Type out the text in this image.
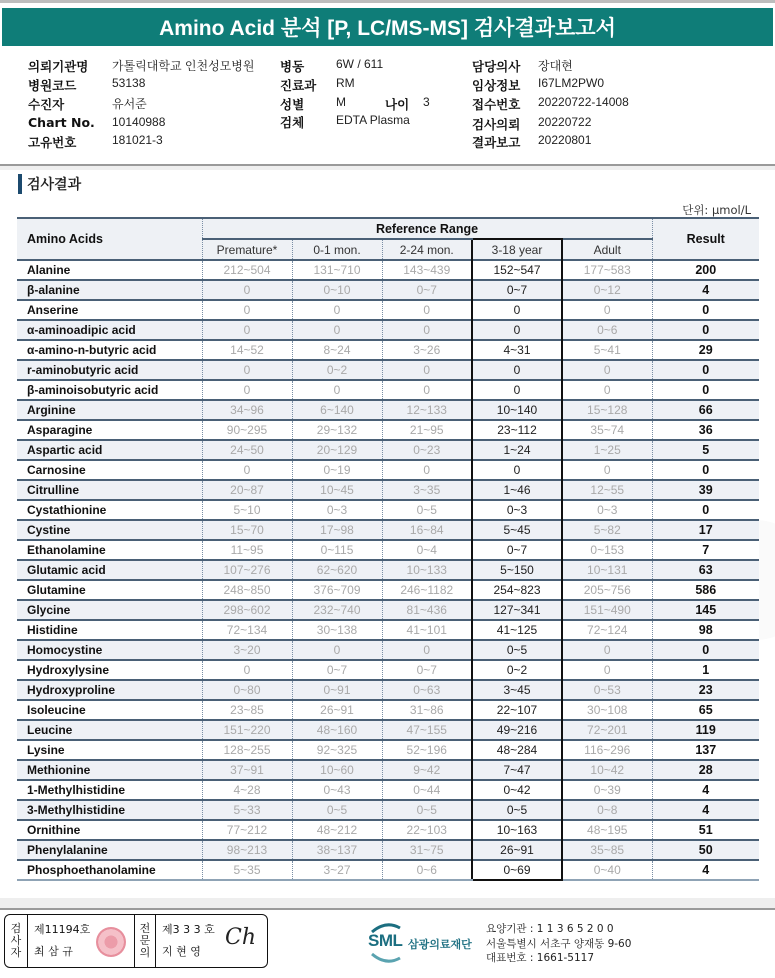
Amino Acid 분석 [P, LC/MS-MS] 검사결과보고서
의뢰기관명 가톨릭대학교 인천성모병원
병원코드	53138
수진자	유서준
Chart No. 10140988
고유번호	181021-3
병동	6W / 611
진료과 RM
성별	M	나이 3
검체	EDTA Plasma
담당의사 장대현
임상정보 I67LM2PW0
접수번호 20220722-14008
검사의뢰 20220722
결과보고 20220801
검사결과
단위: μmol/L
Amino Acids	Reference Range					Result
	Premature*	0-1 mon.	2-24 mon.	3-18 year	Adult	
Alanine	212~504	131~710	143~439	152~547	177~583	200
β-alanine	0	0~10	0~7	0~7	0~12	4
Anserine	0	0	0	0	0	0
α-aminoadipic acid	0	0	0	0	0~6	0
α-amino-n-butyric acid	14~52	8~24	3~26	4~31	5~41	29
r-aminobutyric acid	0	0~2	0	0	0	0
β-aminoisobutyric acid	0	0	0	0	0	0
Arginine	34~96	6~140	12~133	10~140	15~128	66
Asparagine	90~295	29~132	21~95	23~112	35~74	36
Aspartic acid	24~50	20~129	0~23	1~24	1~25	5
Carnosine	0	0~19	0	0	0	0
Citrulline	20~87	10~45	3~35	1~46	12~55	39
Cystathionine	5~10	0~3	0~5	0~3	0~3	0
Cystine	15~70	17~98	16~84	5~45	5~82	17
Ethanolamine	11~95	0~115	0~4	0~7	0~153	7
Glutamic acid	107~276	62~620	10~133	5~150	10~131	63
Glutamine	248~850	376~709	246~1182	254~823	205~756	586
Glycine	298~602	232~740	81~436	127~341	151~490	145
Histidine	72~134	30~138	41~101	41~125	72~124	98
Homocystine	3~20	0	0	0~5	0	0
Hydroxylysine	0	0~7	0~7	0~2	0	1
Hydroxyproline	0~80	0~91	0~63	3~45	0~53	23
Isoleucine	23~85	26~91	31~86	22~107	30~108	65
Leucine	151~220	48~160	47~155	49~216	72~201	119
Lysine	128~255	92~325	52~196	48~284	116~296	137
Methionine	37~91	10~60	9~42	7~47	10~42	28
1-Methylhistidine	4~28	0~43	0~44	0~42	0~39	4
3-Methylhistidine	5~33	0~5	0~5	0~5	0~8	4
Ornithine	77~212	48~212	22~103	10~163	48~195	51
Phenylalanine	98~213	38~137	31~75	26~91	35~85	50
Phosphoethanolamine	5~35	3~27	0~6	0~69	0~40	4
검
사
자
제11194호
최 삼 규
전
문
의
제3 3 3 호
지 현 영
Ch	SML 삼광의료재단
요양기관 : 1 1 3 6 5 2 0 0
서울특별시 서초구 양재동 9-60
대표번호 : 1661-5117
